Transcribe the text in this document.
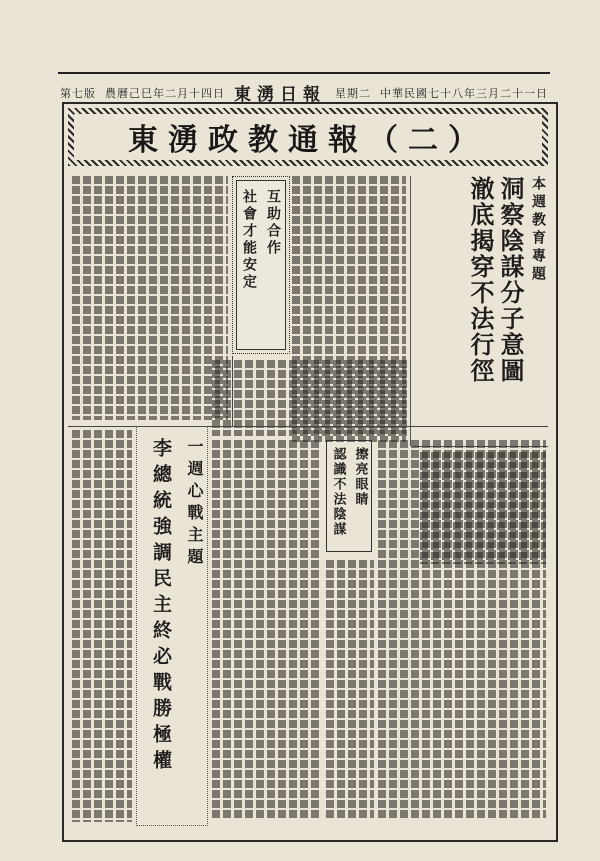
第七版 農曆己巳年二月十四日 東湧日報 星期二 中華民國七十八年三月二十一日
東湧政教通報（二）
本週教育專題
洞察陰謀分子意圖
澈底揭穿不法行徑
互助合作
社會才能安定
擦亮眼睛
認識不法陰謀
一週心戰主題
李總統強調民主終必戰勝極權
